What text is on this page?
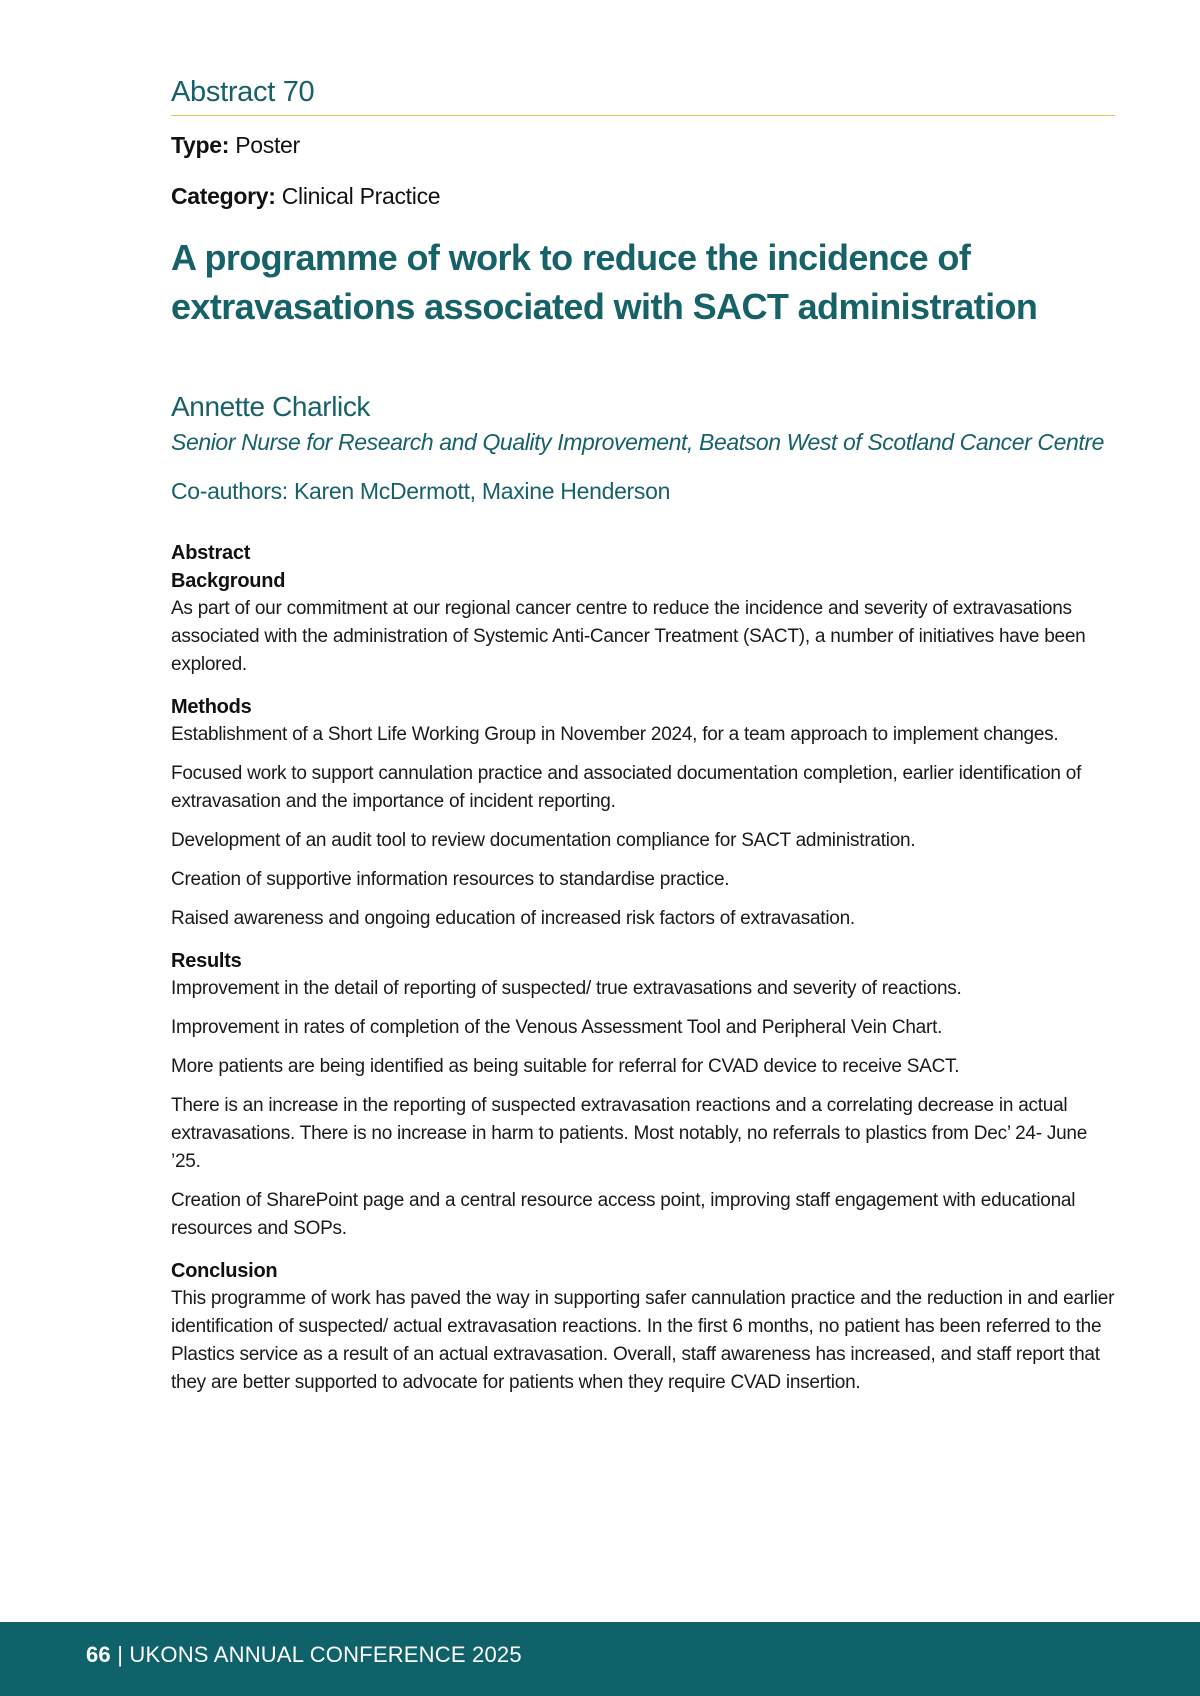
Abstract 70
Type: Poster
Category: Clinical Practice
A programme of work to reduce the incidence of extravasations associated with SACT administration
Annette Charlick
Senior Nurse for Research and Quality Improvement, Beatson West of Scotland Cancer Centre
Co-authors: Karen McDermott, Maxine Henderson
Abstract
Background

As part of our commitment at our regional cancer centre to reduce the incidence and severity of extravasations associated with the administration of Systemic Anti-Cancer Treatment (SACT), a number of initiatives have been explored.

Methods

Establishment of a Short Life Working Group in November 2024, for a team approach to implement changes.

Focused work to support cannulation practice and associated documentation completion, earlier identification of extravasation and the importance of incident reporting.

Development of an audit tool to review documentation compliance for SACT administration.

Creation of supportive information resources to standardise practice.

Raised awareness and ongoing education of increased risk factors of extravasation.

Results

Improvement in the detail of reporting of suspected/ true extravasations and severity of reactions.

Improvement in rates of completion of the Venous Assessment Tool and Peripheral Vein Chart.

More patients are being identified as being suitable for referral for CVAD device to receive SACT.

There is an increase in the reporting of suspected extravasation reactions and a correlating decrease in actual extravasations. There is no increase in harm to patients. Most notably, no referrals to plastics from Dec’ 24- June ’25.

Creation of SharePoint page and a central resource access point, improving staff engagement with educational resources and SOPs.

Conclusion

This programme of work has paved the way in supporting safer cannulation practice and the reduction in and earlier identification of suspected/ actual extravasation reactions. In the first 6 months, no patient has been referred to the Plastics service as a result of an actual extravasation. Overall, staff awareness has increased, and staff report that they are better supported to advocate for patients when they require CVAD insertion.

66 | UKONS ANNUAL CONFERENCE 2025
